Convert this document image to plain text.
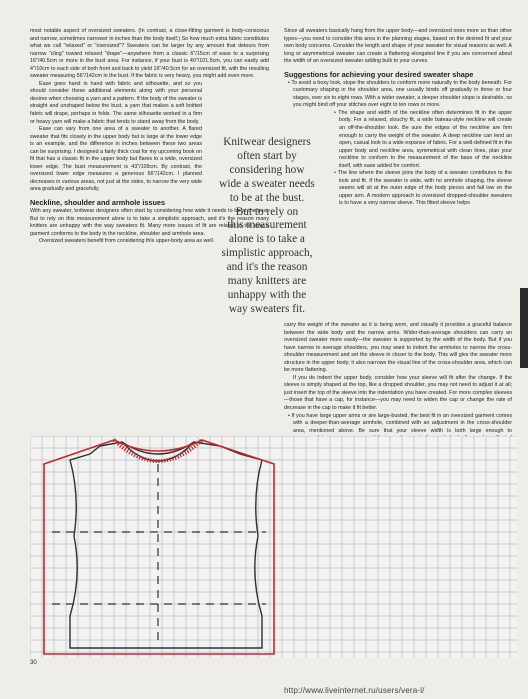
most notable aspect of oversized sweaters. (In contrast, a close-fitting garment is body-conscious and narrow, sometimes narrower in inches than the body itself.) So how much extra fabric constitutes what we call "relaxed" or "oversized"? Sweaters can be larger by any amount that detours from narrow "cling" toward relaxed "drape"—anywhere from a classic 6"/15cm of ease to a surprising 16"/40.5cm or more in the bust area. For instance, if your bust is 40"/101.5cm, you can easily add 4"/10cm to each side of both front and back to yield 16"/40.5cm for an oversized fit, with the resulting sweater measuring 56"/142cm in the bust. If the fabric is very heavy, you might add even more.

Ease goes hand in hand with fabric and silhouette, and so you should consider these additional elements along with your personal desires when choosing a yarn and a pattern. If the body of the sweater is straight and unshaped below the bust, a yarn that makes a soft knitted fabric will drape, perhaps in folds. The same silhouette worked in a firm or heavy yarn will make a fabric that tends to stand away from the body.

Ease can vary from one area of a sweater to another. A flared sweater that fits closely in the upper body but is large at the lower edge is an example, and the difference in inches between these two areas can be surprising. I designed a fairly thick coat for my upcoming book on fit that has a classic fit in the upper body but flares to a wide, oversized lower edge. The bust measurement is 43"/109cm. By contrast, the oversized lower edge measures a generous 56"/142cm. I planned decreases in various areas, not just at the sides, to narrow the very wide area gradually and gracefully.

Neckline, shoulder and armhole issues

With any sweater, knitwear designers often start by considering how wide it needs to be at the bust. But to rely on this measurement alone is to take a simplistic approach, and it's the reason many knitters are unhappy with the way sweaters fit. Many more issues of fit are related to the way a garment conforms to the body in the neckline, shoulder and armhole area.

Oversized sweaters benefit from considering this upper-body area as well.

Knitwear designers
often start by
considering how
wide a sweater needs
to be at the bust.
But to rely on
this measurement
alone is to take a
simplistic approach,
and it's the reason
many knitters are
unhappy with the
way sweaters fit.

Since all sweaters basically hang from the upper body—and oversized ones more so than other types—you need to consider this area in the planning stages, based on the desired fit and your own body concerns. Consider the length and shape of your sweater for visual reasons as well. A long or asymmetrical sweater can create a flattering elongated line if you are concerned about the width of an oversized sweater adding bulk to your curves.

Suggestions for achieving your desired sweater shape

• To avoid a boxy look, slope the shoulders to conform more naturally to the body beneath. For customary shaping in the shoulder area, one usually binds off gradually in three or four stages, over six to eight rows. With a wider sweater, a deeper shoulder slope is desirable, so you might bind off your stitches over eight to ten rows or more.

• The shape and width of the neckline often determines fit in the upper body. For a relaxed, slouchy fit, a wide bateau-style neckline will create an off-the-shoulder look. Be sure the edges of the neckline are firm enough to carry the weight of the sweater. A deep neckline can lend an open, casual look to a wide expanse of fabric. For a well-defined fit in the upper body and neckline area, symmetrical with clean lines, plan your neckline to conform to the measurement of the base of the neckline itself, with ease added for comfort.

• The line where the sleeve joins the body of a sweater contributes to the look and fit. If the sweater is wide, with no armhole shaping, the sleeve seams will sit at the outer edge of the body pieces and fall low on the upper arm. A modern approach to oversized dropped-shoulder sweaters is to have a very narrow sleeve. This fitted sleeve helps

carry the weight of the sweater as it is being worn, and visually it provides a graceful balance between the wide body and the narrow arms. Wider-than-average shoulders can carry an oversized sweater more easily—the sweater is supported by the width of the body. But if you have narrow to average shoulders, you may want to indent the armholes to narrow the cross-shoulder measurement and set the sleeve in closer to the body. This will give the sweater more structure in the upper body; it also narrows the visual line of the cross-shoulder area, which can be more flattering.

If you do indent the upper body, consider how your sleeve will fit after the change. If the sleeve is simply shaped at the top, like a dropped shoulder, you may not need to adjust it at all; just insert the top of the sleeve into the indentation you have created. For more complex sleeves—those that have a cap, for instance—you may need to widen the cap or change the rate of decrease in the cap to make it fit better.

• If you have large upper arms or are large-busted, the best fit in an oversized garment comes with a deeper-than-average armhole, combined with an adjustment in the cross-shoulder area, mentioned above. Be sure that your sleeve width is both large enough to

30
http://www.liveinternet.ru/users/vera-l/
